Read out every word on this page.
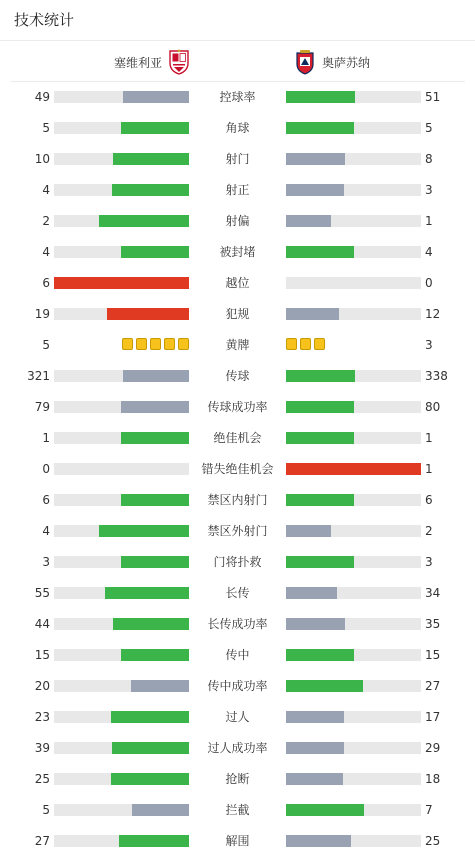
技术统计
塞维利亚	奥萨苏纳
49	控球率	51
5	角球	5
10	射门	8
4	射正	3
2	射偏	1
4	被封堵	4
6	越位	0
19	犯规	12
5	黄牌	3
321	传球	338
79	传球成功率	80
1	绝佳机会	1
0	错失绝佳机会	1
6	禁区内射门	6
4	禁区外射门	2
3	门将扑救	3
55	长传	34
44	长传成功率	35
15	传中	15
20	传中成功率	27
23	过人	17
39	过人成功率	29
25	抢断	18
5	拦截	7
27	解围	25
